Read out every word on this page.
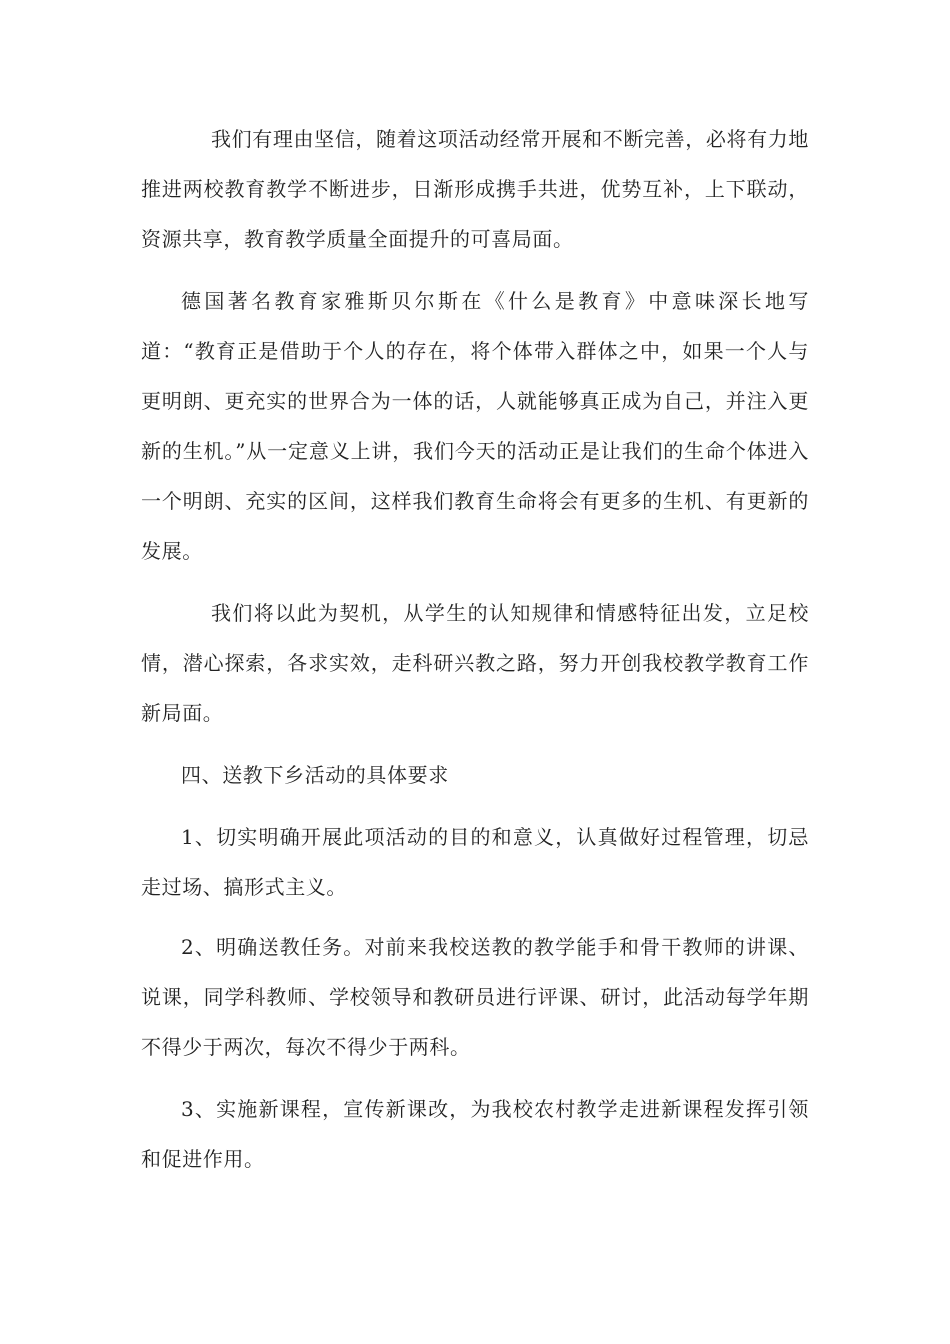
我们有理由坚信，随着这项活动经常开展和不断完善，必将有力地推进两校教育教学不断进步，日渐形成携手共进，优势互补，上下联动，资源共享，教育教学质量全面提升的可喜局面。

德国著名教育家雅斯贝尔斯在《什么是教育》中意味深长地写道：“教育正是借助于个人的存在，将个体带入群体之中，如果一个人与更明朗、更充实的世界合为一体的话，人就能够真正成为自己，并注入更新的生机。”从一定意义上讲，我们今天的活动正是让我们的生命个体进入一个明朗、充实的区间，这样我们教育生命将会有更多的生机、有更新的发展。

我们将以此为契机，从学生的认知规律和情感特征出发，立足校情，潜心探索，各求实效，走科研兴教之路，努力开创我校教学教育工作新局面。

四、送教下乡活动的具体要求

1、切实明确开展此项活动的目的和意义，认真做好过程管理，切忌走过场、搞形式主义。

2、明确送教任务。对前来我校送教的教学能手和骨干教师的讲课、说课，同学科教师、学校领导和教研员进行评课、研讨，此活动每学年期不得少于两次，每次不得少于两科。

3、实施新课程，宣传新课改，为我校农村教学走进新课程发挥引领和促进作用。
